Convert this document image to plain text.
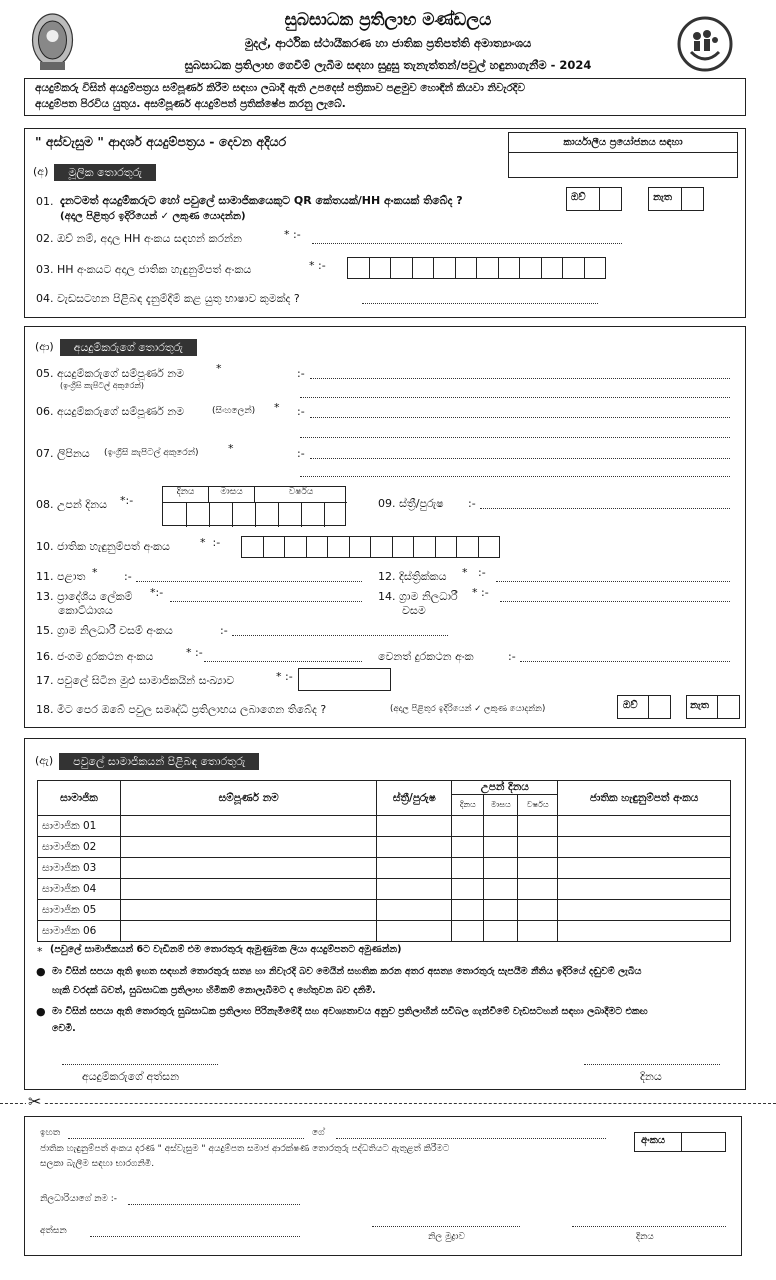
සුබසාධක ප්‍රතිලාභ මණ්ඩලය
මුදල්, ආර්ථික ස්ථායීකරණ හා ජාතික ප්‍රතිපත්ති අමාත්‍යාංශය
සුබසාධක ප්‍රතිලාභ ගෙවීම් ලැබීම සඳහා සුදුසු තැනැත්තන්/පවුල් හඳුනාගැනීම - 2024
අයදුම්කරු විසින් අයදුම්පත්‍රය සම්පූර්ණ කිරීම සඳහා ලබාදී ඇති උපදෙස් පත්‍රිකාව පළමුව හොඳින් කියවා නිවැරදිව
අයදුම්පත පිරවිය යුතුය. අසම්පූර්ණ අයදුම්පත් ප්‍රතික්ෂේප කරනු ලැබේ.
" අස්වැසුම " ආදර්ශ අයදුම්පත්‍රය - දෙවන අදියර	කාර්යාලීය ප්‍රයෝජනය සඳහා
(අ)	මූලික තොරතුරු
01. දැනටමත් අයදුම්කරුට හෝ පවුලේ සාමාජිකයෙකුට QR කේතයක්/HH අංකයක් තිබේද ?
(අදාල පිළිතුර ඉදිරියෙන් ✓ ලකුණ යොදන්න)
ඔව්	නැත
02. ඔව් නම්, අදාල HH අංකය සඳහන් කරන්න	* :-
03. HH අංකයට අදාල ජාතික හැඳුනුම්පත් අංකය	* :-
04. වැඩසටහන පිළිබඳ දැනුම්දීම් කළ යුතු භාෂාව කුමක්ද ?
(ආ)	අයදුම්කරුගේ තොරතුරු
05. අයදුම්කරුගේ සම්පූර්ණ නම	*
(ඉංග්‍රීසි කැපිටල් අකුරෙන්)
:-
06. අයදුම්කරුගේ සම්පූර්ණ නම	(සිංහලෙන්) * :-
07. ලිපිනය (ඉංග්‍රීසි කැපිටල් අකුරෙන්)	*	:-
08. උපන් දිනය *:-
දිනය	මාසය	වර්ෂය
09. ස්ත්‍රී/පුරුෂ :-
10. ජාතික හැඳුනුම්පත් අංකය	*  :-
11. පළාත * :-	12. දිස්ත්‍රික්කය *   :-
13. ප්‍රාදේශීය ලේකම් *:-
කොට්ඨාශය
14. ග්‍රාම නිලධාරී * :-
වසම
15. ග්‍රාම නිලධාරී වසම් අංකය	:-
16. ජංගම දුරකථන අංකය	* :-	වෙනත් දුරකථන අංක	:-
17. පවුලේ සිටින මුළු සාමාජිකයින් සංඛ්‍යාව	* :-
18. මීට පෙර ඔබේ පවුල සමෘද්ධි ප්‍රතිලාභය ලබාගෙන තිබේද ?	(අදාල පිළිතුර ඉදිරියෙන් ✓ ලකුණ යොදන්න)	ඔව්	නැත
(ඇ)	පවුලේ සාමාජිකයන් පිළිබඳ තොරතුරු
සාමාජික	සම්පූර්ණ නම	ස්ත්‍රී/පුරුෂ	උපන් දිනය			ජාතික හැඳුනුම්පත් අංකය
			දිනය	මාසය	වර්ෂය	
සාමාජික 01						
සාමාජික 02						
සාමාජික 03						
සාමාජික 04						
සාමාජික 05						
සාමාජික 06						
* (පවුලේ සාමාජිකයන් 6ට වැඩිනම් එම තොරතුරු ඇමුණුමක ලියා අයදුම්පතට අමුණන්න)
● මා විසින් සපයා ඇති ඉහත සඳහන් තොරතුරු සත්‍ය හා නිවැරදි බව මෙයින් සහතික කරන අතර අසත්‍ය තොරතුරු සැපයීම නීතිය ඉදිරියේ දඬුවම් ලැබිය
හැකි වරදක් බවත්, සුබසාධක ප්‍රතිලාභ හිමිකම් නොලැබීමට ද හේතුවන බව දනිමි.
● මා විසින් සපයා ඇති තොරතුරු සුබසාධක ප්‍රතිලාභ පිරිනැමීමේදී සහ අවශ්‍යතාවය අනුව ප්‍රතිලාභීන් සවිබල ගැන්වීමේ වැඩසටහන් සඳහා ලබාදීමට එකඟ
වෙමි.
අයදුම්කරුගේ අත්සන	දිනය
✂
ඉහත	ගේ
ජාතික හැඳුනුම්පත් අංකය දරණ " අස්වැසුම " අයදුම්පත සමාජ ආරක්ෂණ තොරතුරු පද්ධතියට ඇතුළත් කිරීමට
සලකා බැලීම සඳහා භාරගනිමි.
අංකය
නිලධාරියාගේ නම :-
අත්සන
නිල මුද්‍රාව	දිනය
